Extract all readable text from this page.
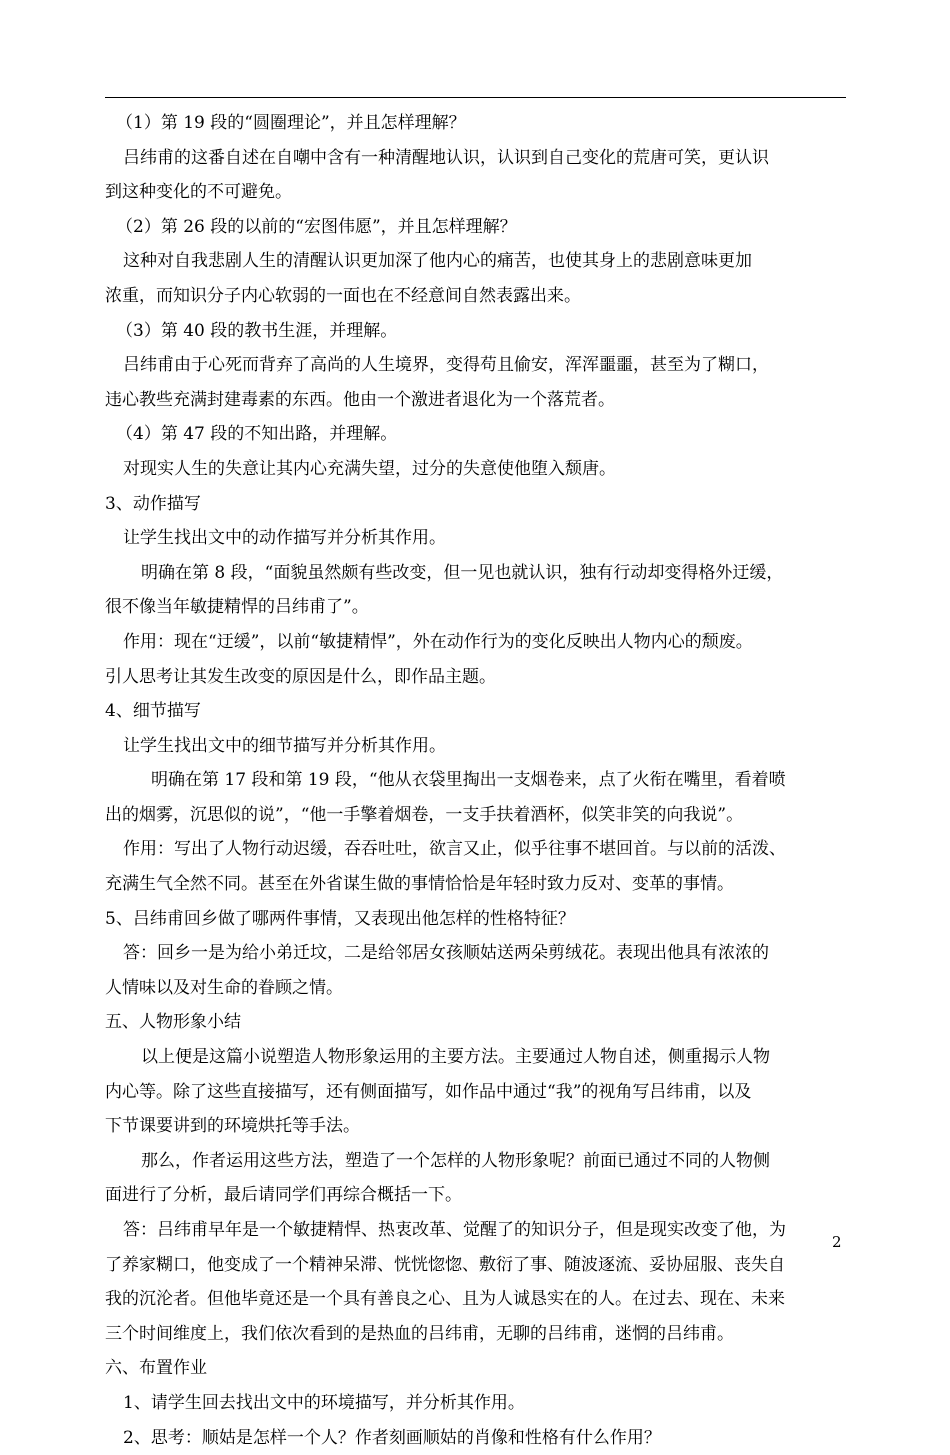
（1）第 19 段的“圆圈理论”，并且怎样理解？
吕纬甫的这番自述在自嘲中含有一种清醒地认识，认识到自己变化的荒唐可笑，更认识
到这种变化的不可避免。
（2）第 26 段的以前的“宏图伟愿”，并且怎样理解？
这种对自我悲剧人生的清醒认识更加深了他内心的痛苦，也使其身上的悲剧意味更加
浓重，而知识分子内心软弱的一面也在不经意间自然表露出来。
（3）第 40 段的教书生涯，并理解。
吕纬甫由于心死而背弃了高尚的人生境界，变得苟且偷安，浑浑噩噩，甚至为了糊口，
违心教些充满封建毒素的东西。他由一个激进者退化为一个落荒者。
（4）第 47 段的不知出路，并理解。
对现实人生的失意让其内心充满失望，过分的失意使他堕入颓唐。
3、动作描写
让学生找出文中的动作描写并分析其作用。
明确在第 8 段，“面貌虽然颇有些改变，但一见也就认识，独有行动却变得格外迂缓，
很不像当年敏捷精悍的吕纬甫了”。
作用：现在“迂缓”，以前“敏捷精悍”，外在动作行为的变化反映出人物内心的颓废。
引人思考让其发生改变的原因是什么，即作品主题。
4、细节描写
让学生找出文中的细节描写并分析其作用。
明确在第 17 段和第 19 段，“他从衣袋里掏出一支烟卷来，点了火衔在嘴里，看着喷
出的烟雾，沉思似的说”，“他一手擎着烟卷，一支手扶着酒杯，似笑非笑的向我说”。
作用：写出了人物行动迟缓，吞吞吐吐，欲言又止，似乎往事不堪回首。与以前的活泼、
充满生气全然不同。甚至在外省谋生做的事情恰恰是年轻时致力反对、变革的事情。
5、吕纬甫回乡做了哪两件事情，又表现出他怎样的性格特征？
答：回乡一是为给小弟迁坟，二是给邻居女孩顺姑送两朵剪绒花。表现出他具有浓浓的
人情味以及对生命的眷顾之情。
五、人物形象小结
以上便是这篇小说塑造人物形象运用的主要方法。主要通过人物自述，侧重揭示人物
内心等。除了这些直接描写，还有侧面描写，如作品中通过“我”的视角写吕纬甫，以及
下节课要讲到的环境烘托等手法。
那么，作者运用这些方法，塑造了一个怎样的人物形象呢？前面已通过不同的人物侧
面进行了分析，最后请同学们再综合概括一下。
答：吕纬甫早年是一个敏捷精悍、热衷改革、觉醒了的知识分子，但是现实改变了他，为
了养家糊口，他变成了一个精神呆滞、恍恍惚惚、敷衍了事、随波逐流、妥协屈服、丧失自
我的沉沦者。但他毕竟还是一个具有善良之心、且为人诚恳实在的人。在过去、现在、未来
三个时间维度上，我们依次看到的是热血的吕纬甫，无聊的吕纬甫，迷惘的吕纬甫。
六、布置作业
1、请学生回去找出文中的环境描写，并分析其作用。
2、思考：顺姑是怎样一个人？作者刻画顺姑的肖像和性格有什么作用？
2
